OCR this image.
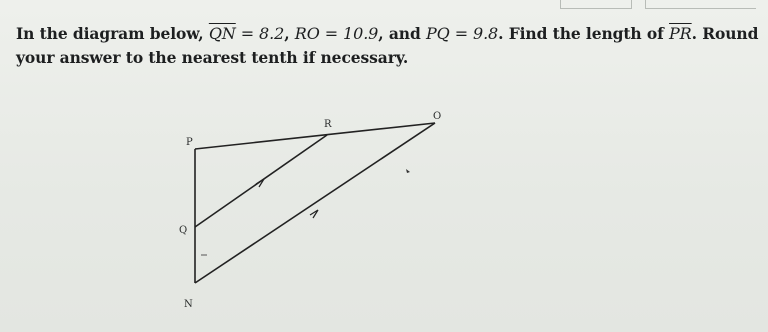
In the diagram below, $\overline{QN} = 8.2$, RO = 10.9, and PQ = 9.8. Find the length of $\overline{PR}$. Round your answer to the nearest tenth if necessary.
R
O
P
Q
N
